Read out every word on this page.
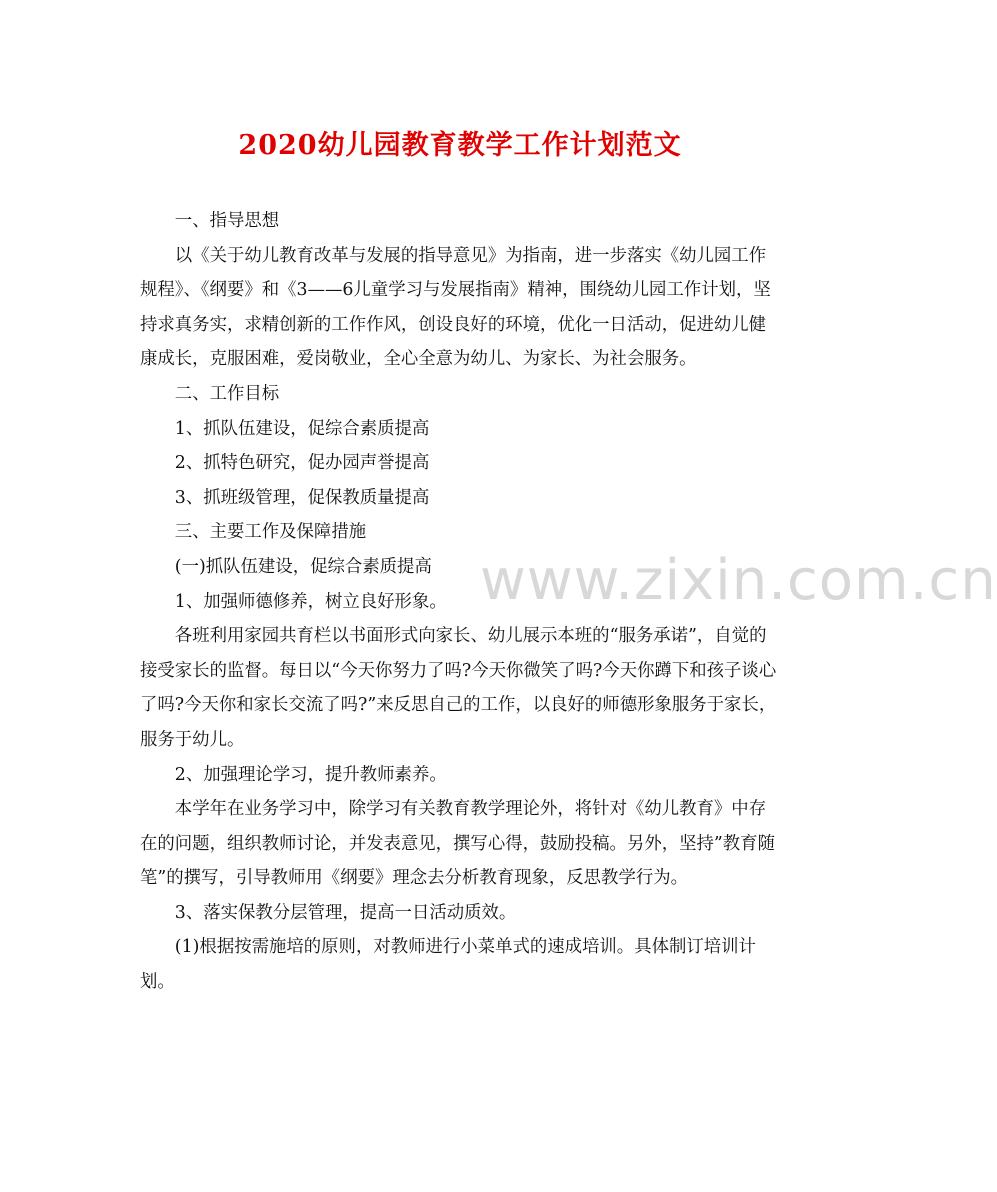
2020幼儿园教育教学工作计划范文

一、指导思想

以《关于幼儿教育改革与发展的指导意见》为指南，进一步落实《幼儿园工作规程》、《纲要》和《3——6儿童学习与发展指南》精神，围绕幼儿园工作计划，坚持求真务实，求精创新的工作作风，创设良好的环境，优化一日活动，促进幼儿健康成长，克服困难，爱岗敬业，全心全意为幼儿、为家长、为社会服务。

二、工作目标

1、抓队伍建设，促综合素质提高

2、抓特色研究，促办园声誉提高

3、抓班级管理，促保教质量提高

三、主要工作及保障措施

(一)抓队伍建设，促综合素质提高

1、加强师德修养，树立良好形象。

各班利用家园共育栏以书面形式向家长、幼儿展示本班的“服务承诺”，自觉的接受家长的监督。每日以“今天你努力了吗?今天你微笑了吗?今天你蹲下和孩子谈心了吗?今天你和家长交流了吗?”来反思自己的工作，以良好的师德形象服务于家长，服务于幼儿。

2、加强理论学习，提升教师素养。

本学年在业务学习中，除学习有关教育教学理论外，将针对《幼儿教育》中存在的问题，组织教师讨论，并发表意见，撰写心得，鼓励投稿。另外，坚持”教育随笔”的撰写，引导教师用《纲要》理念去分析教育现象，反思教学行为。

3、落实保教分层管理，提高一日活动质效。

(1)根据按需施培的原则，对教师进行小菜单式的速成培训。具体制订培训计划。

www.zixin.com.cn
